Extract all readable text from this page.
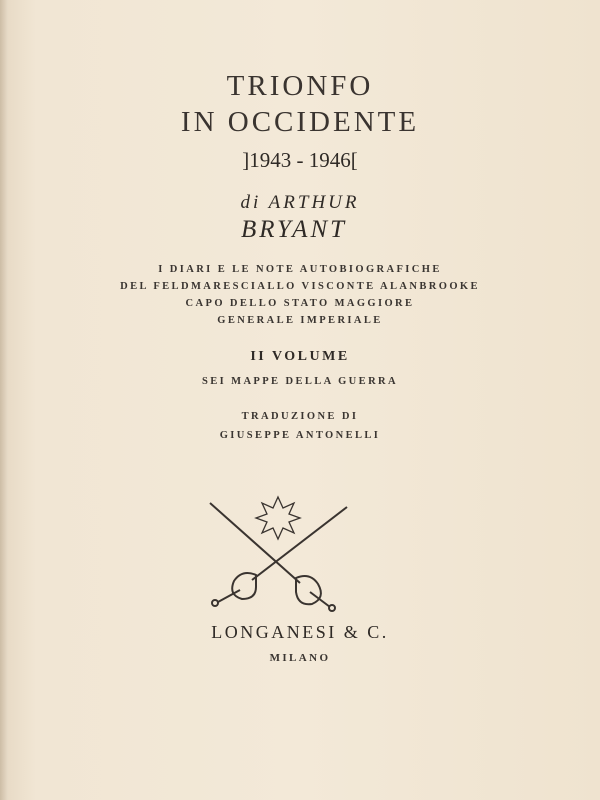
TRIONFO
IN OCCIDENTE
]1943 - 1946[
di ARTHUR
BRYANT
I DIARI E LE NOTE AUTOBIOGRAFICHE
DEL FELDMARESCIALLO VISCONTE ALANBROOKE
CAPO DELLO STATO MAGGIORE
GENERALE IMPERIALE
II VOLUME
SEI MAPPE DELLA GUERRA
TRADUZIONE DI
GIUSEPPE ANTONELLI
LONGANESI & C.
MILANO
